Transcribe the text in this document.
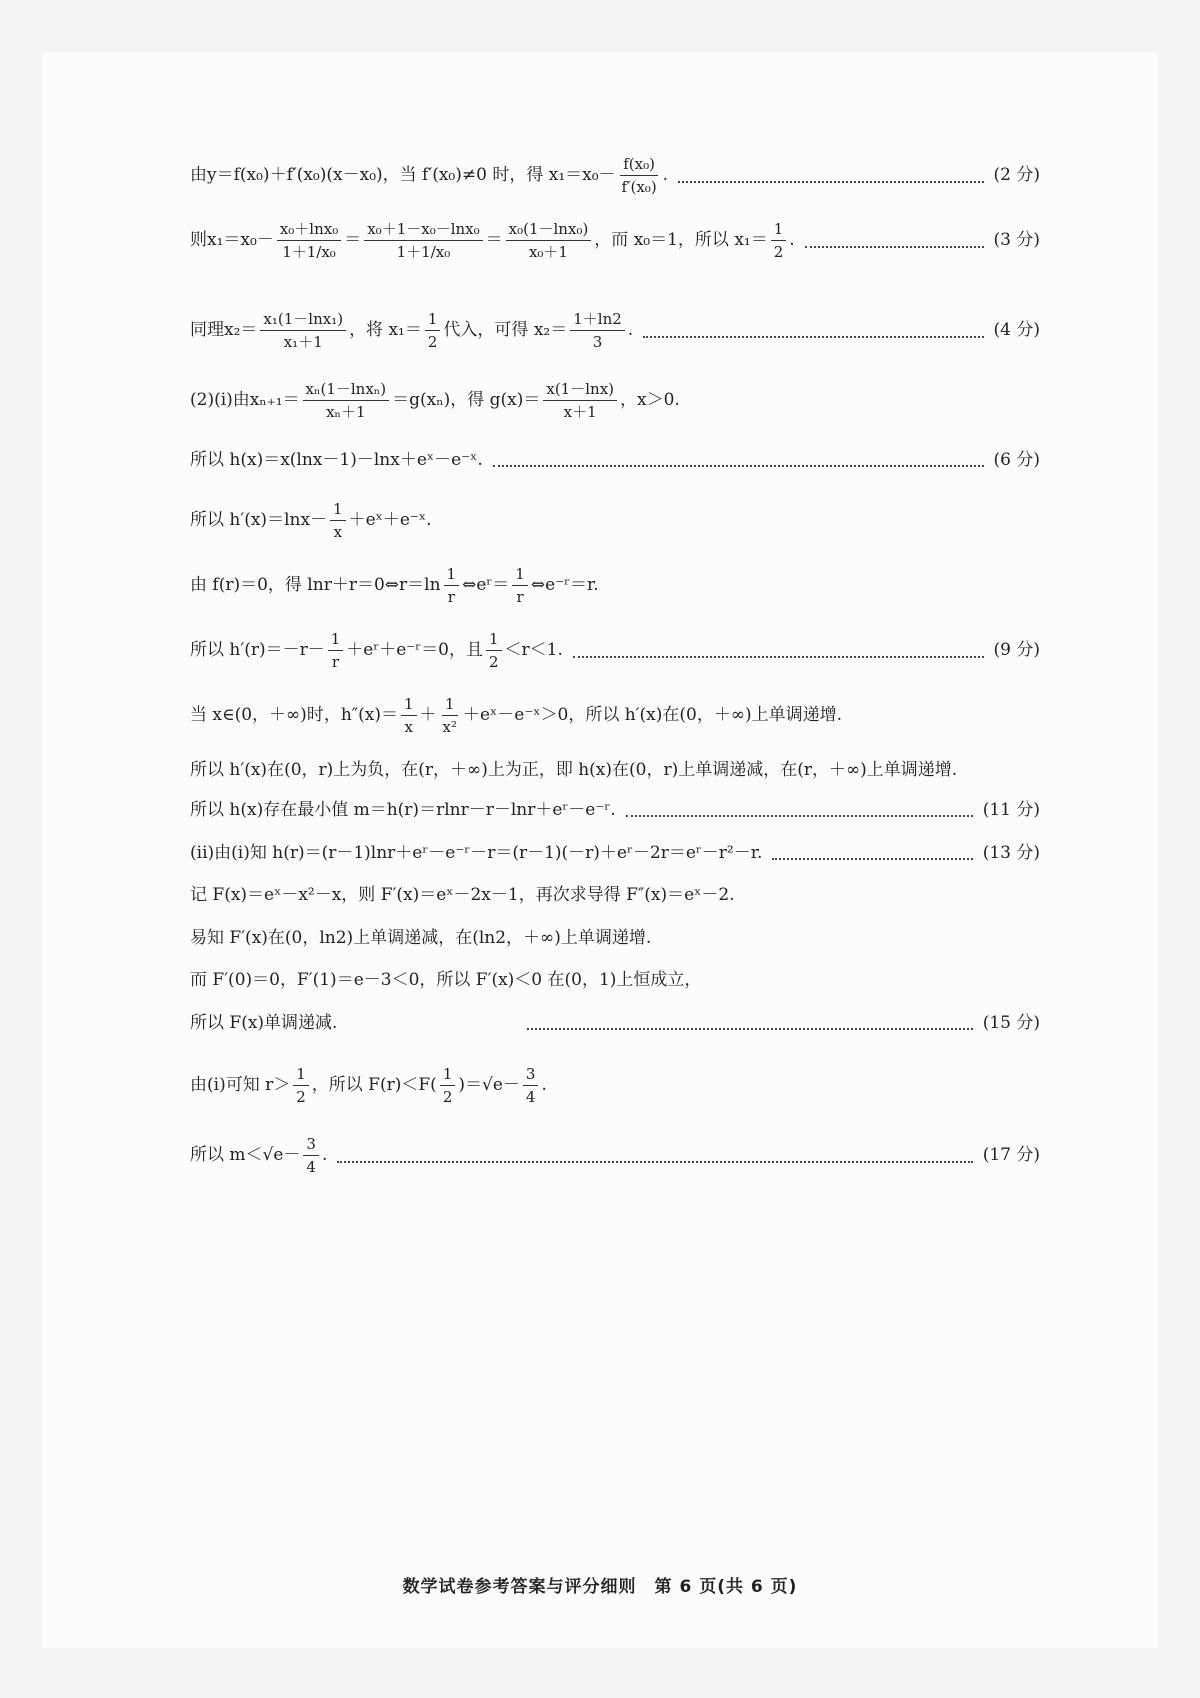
由 y＝f(x₀)＋f′(x₀)(x－x₀)，当 f′(x₀)≠0 时，得 $x_1=x_0- \frac{\text{f(x₀)}}{\text{f′(x₀)}}$ .	(2 分)
则 $x_1=x_0- \frac{\text{x₀＋lnx₀}}{\text{1＋1/x₀}} = \frac{\text{x₀＋1－x₀－lnx₀}}{\text{1＋1/x₀}} = \frac{\text{x₀(1－lnx₀)}}{\text{x₀＋1}}$ ，而 x₀＝1，所以 $x_1= \frac{1}{2}$ .	(3 分)
同理 $x_2= \frac{\text{x₁(1－lnx₁)}}{\text{x₁＋1}}$ ，将 $x_1= \frac{1}{2}$ 代入，可得 $x_2= \frac{1+\ln 2}{3}$ .	(4 分)
(2)(i)由 $x_{n+1}= \frac{\text{xₙ(1－lnxₙ)}}{\text{xₙ＋1}} =g(x_n)$，得 $g(x)= \frac{x(1-\ln x)}{x+1}$ ，x＞0.
所以 h(x)＝x(lnx－1)－lnx＋eˣ－e⁻ˣ.	(6 分)
所以 $h'(x)=\ln x- \frac{1}{x}$ ＋eˣ＋e⁻ˣ.
由 f(r)＝0，得 lnr＋r＝0⇔r＝ln $\frac{1}{r}$ ⇔eʳ＝ $\frac{1}{r}$ ⇔e⁻ʳ＝r.
所以 $h'(r)=-r- \frac{1}{r}$ ＋eʳ＋e⁻ʳ＝0，且 $\frac{1}{2} <r<1$.	(9 分)
当 x∈(0，＋∞)时，$h''(x)= \frac{1}{x} + \frac{1}{\text{x²}}$ ＋eˣ－e⁻ˣ＞0，所以 h′(x)在(0，＋∞)上单调递增.
所以 h′(x)在(0，r)上为负，在(r，＋∞)上为正，即 h(x)在(0，r)上单调递减，在(r，＋∞)上单调递增.
所以 h(x)存在最小值 m＝h(r)＝rlnr－r－lnr＋eʳ－e⁻ʳ.	(11 分)
(ii)由(i)知 h(r)＝(r－1)lnr＋eʳ－e⁻ʳ－r＝(r－1)(－r)＋eʳ－2r＝eʳ－r²－r.	(13 分)
记 F(x)＝eˣ－x²－x，则 F′(x)＝eˣ－2x－1，再次求导得 F″(x)＝eˣ－2.
易知 F′(x)在(0，ln2)上单调递减，在(ln2，＋∞)上单调递增.
而 F′(0)＝0，F′(1)＝e－3＜0，所以 F′(x)＜0 在(0，1)上恒成立，
所以 F(x)单调递减.	(15 分)
由(i)可知 $r> \frac{1}{2}$ ，所以 $F(r)<F( \frac{1}{2} )=√e- \frac{3}{4}$ .
所以 $m<√e- \frac{3}{4}$ .	(17 分)
数学试卷参考答案与评分细则　第 6 页(共 6 页)
